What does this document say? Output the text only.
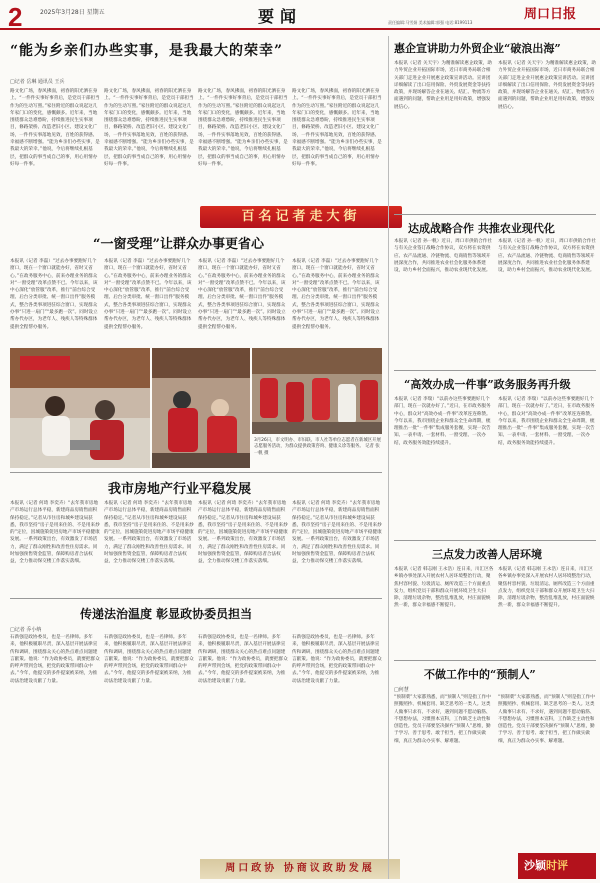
2	2025年3月28日 星期五	要闻	责任编辑:马雪娟 美术编辑:郭强 电话:8199113
周口日报
“能为乡亲们办些实事，是我最大的荣幸”
□记者 岳琳 通讯员 王兵
路文化广场，春风拂面，初春的阳光洒在身上。“一件件实事好事背后，是党员干部担当作为的生动写照。”家住附近的群众说起这几年家门口的变化，感慨颇多。近年来，当地围绕群众急难愁盼，持续推进民生实事项目，修路架桥、改造老旧小区、建设文化广场，一件件实事落地见效，百姓的获得感、幸福感不断增强。“能为乡亲们办些实事，是我最大的荣幸。”他说，今后将继续扎根基层，把群众的事当成自己的事，用心用情办好每一件事。
路文化广场，春风拂面，初春的阳光洒在身上。“一件件实事好事背后，是党员干部担当作为的生动写照。”家住附近的群众说起这几年家门口的变化，感慨颇多。近年来，当地围绕群众急难愁盼，持续推进民生实事项目，修路架桥、改造老旧小区、建设文化广场，一件件实事落地见效，百姓的获得感、幸福感不断增强。“能为乡亲们办些实事，是我最大的荣幸。”他说，今后将继续扎根基层，把群众的事当成自己的事，用心用情办好每一件事。
路文化广场，春风拂面，初春的阳光洒在身上。“一件件实事好事背后，是党员干部担当作为的生动写照。”家住附近的群众说起这几年家门口的变化，感慨颇多。近年来，当地围绕群众急难愁盼，持续推进民生实事项目，修路架桥、改造老旧小区、建设文化广场，一件件实事落地见效，百姓的获得感、幸福感不断增强。“能为乡亲们办些实事，是我最大的荣幸。”他说，今后将继续扎根基层，把群众的事当成自己的事，用心用情办好每一件事。
路文化广场，春风拂面，初春的阳光洒在身上。“一件件实事好事背后，是党员干部担当作为的生动写照。”家住附近的群众说起这几年家门口的变化，感慨颇多。近年来，当地围绕群众急难愁盼，持续推进民生实事项目，修路架桥、改造老旧小区、建设文化广场，一件件实事落地见效，百姓的获得感、幸福感不断增强。“能为乡亲们办些实事，是我最大的荣幸。”他说，今后将继续扎根基层，把群众的事当成自己的事，用心用情办好每一件事。
百名记者走大街
“一窗受理”让群众办事更省心
本报讯（记者 李磊）“过去办事要跑好几个窗口，现在一个窗口就能办好，省时又省心。”在政务服务中心，前来办理业务的群众对“一窗受理”改革点赞不已。今年以来，该中心深化“放管服”改革，推行“前台综合受理、后台分类审批、统一窗口出件”服务模式，整合各类事项进驻综合窗口，实现群众办事“只进一扇门”“最多跑一次”。同时设立帮办代办区，为老年人、残疾人等特殊群体提供全程帮办服务。
本报讯（记者 李磊）“过去办事要跑好几个窗口，现在一个窗口就能办好，省时又省心。”在政务服务中心，前来办理业务的群众对“一窗受理”改革点赞不已。今年以来，该中心深化“放管服”改革，推行“前台综合受理、后台分类审批、统一窗口出件”服务模式，整合各类事项进驻综合窗口，实现群众办事“只进一扇门”“最多跑一次”。同时设立帮办代办区，为老年人、残疾人等特殊群体提供全程帮办服务。
本报讯（记者 李磊）“过去办事要跑好几个窗口，现在一个窗口就能办好，省时又省心。”在政务服务中心，前来办理业务的群众对“一窗受理”改革点赞不已。今年以来，该中心深化“放管服”改革，推行“前台综合受理、后台分类审批、统一窗口出件”服务模式，整合各类事项进驻综合窗口，实现群众办事“只进一扇门”“最多跑一次”。同时设立帮办代办区，为老年人、残疾人等特殊群体提供全程帮办服务。
本报讯（记者 李磊）“过去办事要跑好几个窗口，现在一个窗口就能办好，省时又省心。”在政务服务中心，前来办理业务的群众对“一窗受理”改革点赞不已。今年以来，该中心深化“放管服”改革，推行“前台综合受理、后台分类审批、统一窗口出件”服务模式，整合各类事项进驻综合窗口，实现群众办事“只进一扇门”“最多跑一次”。同时设立帮办代办区，为老年人、残疾人等特殊群体提供全程帮办服务。
3月26日，市文明办、市妇联、市人社等单位志愿者在新城区开展志愿服务活动，为群众提供政策咨询、健康义诊等服务。 记者 张一帆 摄
我市房地产行业平稳发展
本报讯（记者 何琦 李奕卉）“去年我市房地产市场运行总体平稳，新建商品房销售面积保持稳定。”记者从市住房和城乡建设局获悉，我市坚持“房子是用来住的、不是用来炒的”定位，因城施策促进房地产市场平稳健康发展。一系列政策出台，有效激发了市场活力，满足了群众刚性和改善性住房需求。同时加强预售资金监管，保障购房者合法权益，全力推动保交楼工作落实落细。
本报讯（记者 何琦 李奕卉）“去年我市房地产市场运行总体平稳，新建商品房销售面积保持稳定。”记者从市住房和城乡建设局获悉，我市坚持“房子是用来住的、不是用来炒的”定位，因城施策促进房地产市场平稳健康发展。一系列政策出台，有效激发了市场活力，满足了群众刚性和改善性住房需求。同时加强预售资金监管，保障购房者合法权益，全力推动保交楼工作落实落细。
本报讯（记者 何琦 李奕卉）“去年我市房地产市场运行总体平稳，新建商品房销售面积保持稳定。”记者从市住房和城乡建设局获悉，我市坚持“房子是用来住的、不是用来炒的”定位，因城施策促进房地产市场平稳健康发展。一系列政策出台，有效激发了市场活力，满足了群众刚性和改善性住房需求。同时加强预售资金监管，保障购房者合法权益，全力推动保交楼工作落实落细。
本报讯（记者 何琦 李奕卉）“去年我市房地产市场运行总体平稳，新建商品房销售面积保持稳定。”记者从市住房和城乡建设局获悉，我市坚持“房子是用来住的、不是用来炒的”定位，因城施策促进房地产市场平稳健康发展。一系列政策出台，有效激发了市场活力，满足了群众刚性和改善性住房需求。同时加强预售资金监管，保障购房者合法权益，全力推动保交楼工作落实落细。
传递法治温度 彰显政协委员担当
□记者 乔小纳
石新强是政协委员，也是一名律师。多年来，他积极履职尽责，深入基层开展法律宣传和调研，围绕群众关心的热点难点问题建言献策。他说：“作为政协委员，就要把群众的呼声带到会场，把党的政策带回群众中去。”今年，他提交的多件提案被采纳，为推动法治建设贡献了力量。
石新强是政协委员，也是一名律师。多年来，他积极履职尽责，深入基层开展法律宣传和调研，围绕群众关心的热点难点问题建言献策。他说：“作为政协委员，就要把群众的呼声带到会场，把党的政策带回群众中去。”今年，他提交的多件提案被采纳，为推动法治建设贡献了力量。
石新强是政协委员，也是一名律师。多年来，他积极履职尽责，深入基层开展法律宣传和调研，围绕群众关心的热点难点问题建言献策。他说：“作为政协委员，就要把群众的呼声带到会场，把党的政策带回群众中去。”今年，他提交的多件提案被采纳，为推动法治建设贡献了力量。
石新强是政协委员，也是一名律师。多年来，他积极履职尽责，深入基层开展法律宣传和调研，围绕群众关心的热点难点问题建言献策。他说：“作为政协委员，就要把群众的呼声带到会场，把党的政策带回群众中去。”今年，他提交的多件提案被采纳，为推动法治建设贡献了力量。
周口政协 协商议政助发展
惠企宣讲助力外贸企业“破浪出海”
本报讯（记者 关天宇）为精准解读惠企政策，助力外贸企业开拓国际市场，近日市商务局联合相关部门走进企业开展惠企政策宣讲活动。宣讲团详细解读了出口信用保险、外贸发展资金等扶持政策，并现场解答企业在通关、结汇、物流等方面遇到的问题，帮助企业用足用好政策，增强发展信心。
本报讯（记者 关天宇）为精准解读惠企政策，助力外贸企业开拓国际市场，近日市商务局联合相关部门走进企业开展惠企政策宣讲活动。宣讲团详细解读了出口信用保险、外贸发展资金等扶持政策，并现场解答企业在通关、结汇、物流等方面遇到的问题，帮助企业用足用好政策，增强发展信心。
达成战略合作 共推农业现代化
本报讯（记者 孙一帆）近日，周口市供销合作社与有关企业签订战略合作协议，双方将在农资供应、农产品流通、冷链物流、电商销售等领域开展深度合作，共同推进农业社会化服务体系建设，助力乡村全面振兴，推动农业现代化发展。
本报讯（记者 孙一帆）近日，周口市供销合作社与有关企业签订战略合作协议，双方将在农资供应、农产品流通、冷链物流、电商销售等领域开展深度合作，共同推进农业社会化服务体系建设，助力乡村全面振兴，推动农业现代化发展。
“高效办成一件事”政务服务再升级
本报讯（记者 李瑞）“以前办这些事要跑好几个部门，现在一次就办好了。”近日，在市政务服务中心，群众对“高效办成一件事”改革连连称赞。今年以来，我市围绕企业和群众全生命周期，梳理推出一批“一件事”集成服务套餐，实现一次告知、一表申请、一套材料、一窗受理、一次办结，政务服务效能持续提升。
本报讯（记者 李瑞）“以前办这些事要跑好几个部门，现在一次就办好了。”近日，在市政务服务中心，群众对“高效办成一件事”改革连连称赞。今年以来，我市围绕企业和群众全生命周期，梳理推出一批“一件事”集成服务套餐，实现一次告知、一表申请、一套材料、一窗受理、一次办结，政务服务效能持续提升。
三点发力改善人居环境
本报讯（记者 韩志刚 王永浩）连日来，川汇区各乡镇办事处深入开展农村人居环境整治行动，聚焦村容村貌、垃圾清运、厕所改造三个方面重点发力，组织党员干部和群众开展环境卫生大扫除，清理垃圾杂物，整治乱堆乱放，村庄面貌焕然一新，群众幸福感不断提升。
本报讯（记者 韩志刚 王永浩）连日来，川汇区各乡镇办事处深入开展农村人居环境整治行动，聚焦村容村貌、垃圾清运、厕所改造三个方面重点发力，组织党员干部和群众开展环境卫生大扫除，清理垃圾杂物，整治乱堆乱放，村庄面貌焕然一新，群众幸福感不断提升。
不做工作中的“预制人”
□何慧
“预制菜”大家都熟悉，而“预制人”则是指工作中照搬照抄、机械套用、缺乏思考的一类人。这类人做事只求有、不求好，遇到问题不愿动脑筋、不想想办法，习惯照本宣科，工作缺乏主动性和创造性。党员干部要坚决摒弃“预制人”思维，勤于学习、善于思考、敢于担当，把工作做实做细，真正为群众办实事、解难题。
“预制菜”大家都熟悉，而“预制人”则是指工作中照搬照抄、机械套用、缺乏思考的一类人。这类人做事只求有、不求好，遇到问题不愿动脑筋、不想想办法，习惯照本宣科，工作缺乏主动性和创造性。党员干部要坚决摒弃“预制人”思维，勤于学习、善于思考、敢于担当，把工作做实做细，真正为群众办实事、解难题。
沙颖时评
